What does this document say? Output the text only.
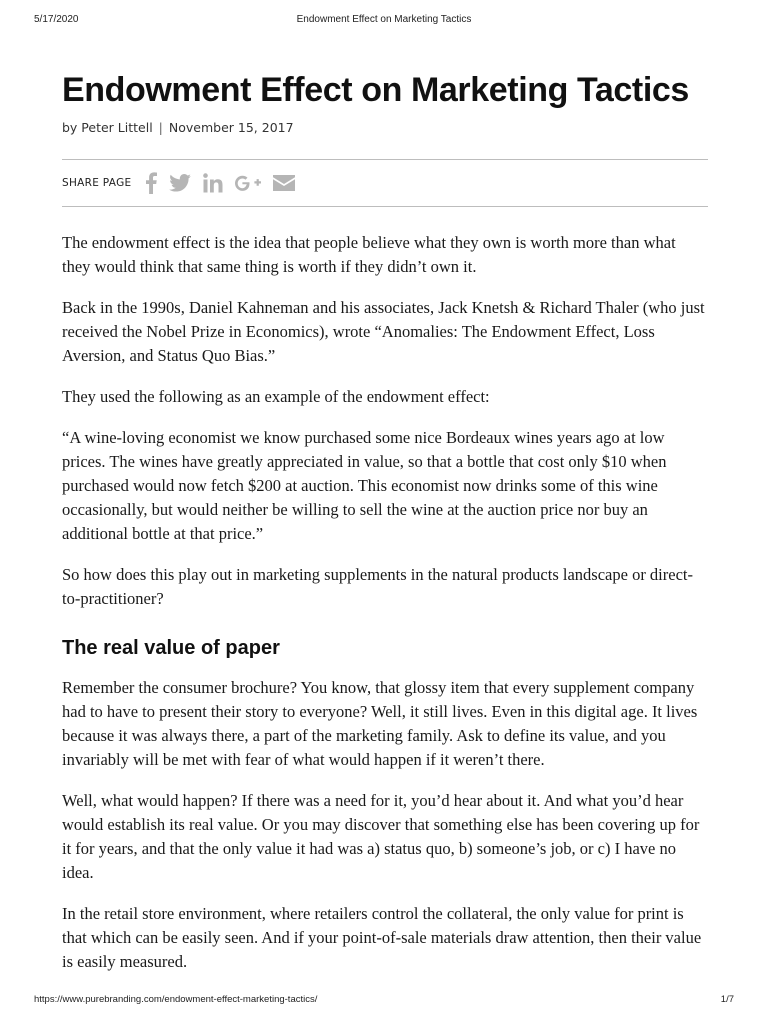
5/17/2020	Endowment Effect on Marketing Tactics
Endowment Effect on Marketing Tactics
by Peter Littell | November 15, 2017
SHARE PAGE

The endowment effect is the idea that people believe what they own is worth more than what they would think that same thing is worth if they didn’t own it.

Back in the 1990s, Daniel Kahneman and his associates, Jack Knetsh & Richard Thaler (who just received the Nobel Prize in Economics), wrote “Anomalies: The Endowment Effect, Loss Aversion, and Status Quo Bias.”

They used the following as an example of the endowment effect:

“A wine-loving economist we know purchased some nice Bordeaux wines years ago at low prices. The wines have greatly appreciated in value, so that a bottle that cost only $10 when purchased would now fetch $200 at auction. This economist now drinks some of this wine occasionally, but would neither be willing to sell the wine at the auction price nor buy an additional bottle at that price.”

So how does this play out in marketing supplements in the natural products landscape or direct-to-practitioner?

The real value of paper

Remember the consumer brochure? You know, that glossy item that every supplement company had to have to present their story to everyone? Well, it still lives. Even in this digital age. It lives because it was always there, a part of the marketing family. Ask to define its value, and you invariably will be met with fear of what would happen if it weren’t there.

Well, what would happen? If there was a need for it, you’d hear about it. And what you’d hear would establish its real value. Or you may discover that something else has been covering up for it for years, and that the only value it had was a) status quo, b) someone’s job, or c) I have no idea.

In the retail store environment, where retailers control the collateral, the only value for print is that which can be easily seen. And if your point-of-sale materials draw attention, then their value is easily measured.

https://www.purebranding.com/endowment-effect-marketing-tactics/	1/7
